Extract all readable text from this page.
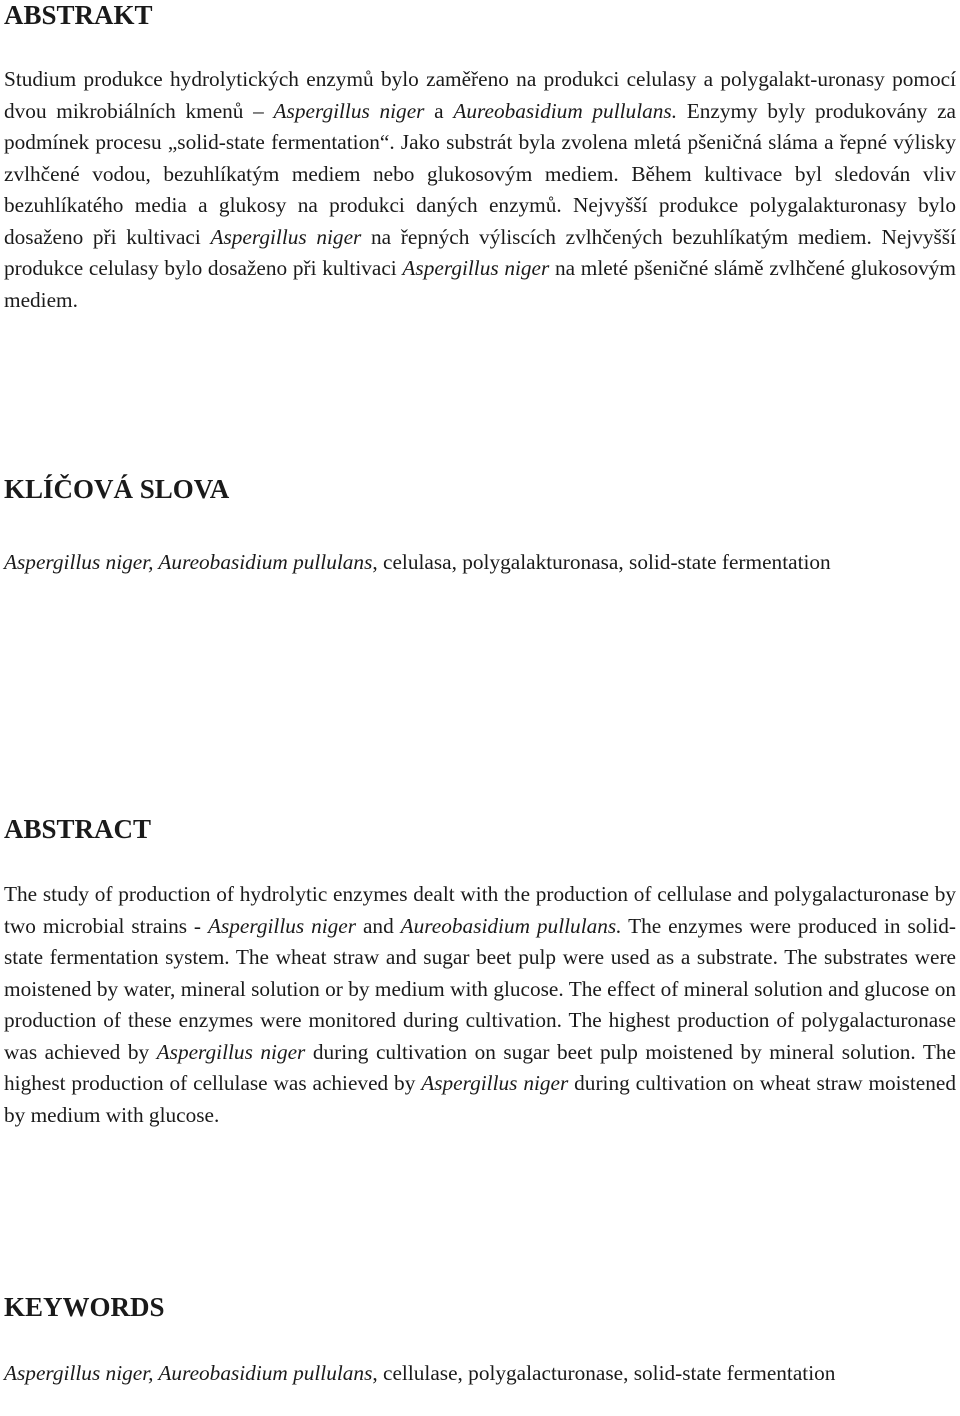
ABSTRAKT

Studium produkce hydrolytických enzymů bylo zaměřeno na produkci celulasy a polygalakt-uronasy pomocí dvou mikrobiálních kmenů – Aspergillus niger a Aureobasidium pullulans. Enzymy byly produkovány za podmínek procesu „solid-state fermentation“. Jako substrát byla zvolena mletá pšeničná sláma a řepné výlisky zvlhčené vodou, bezuhlíkatým mediem nebo glukosovým mediem. Během kultivace byl sledován vliv bezuhlíkatého media a glukosy na produkci daných enzymů. Nejvyšší produkce polygalakturonasy bylo dosaženo při kultivaci Aspergillus niger na řepných výliscích zvlhčených bezuhlíkatým mediem. Nejvyšší produkce celulasy bylo dosaženo při kultivaci Aspergillus niger na mleté pšeničné slámě zvlhčené glukosovým mediem.

KLÍČOVÁ SLOVA

Aspergillus niger, Aureobasidium pullulans, celulasa, polygalakturonasa, solid-state fermentation

ABSTRACT

The study of production of hydrolytic enzymes dealt with the production of cellulase and polygalacturonase by two microbial strains - Aspergillus niger and Aureobasidium pullulans. The enzymes were produced in solid-state fermentation system. The wheat straw and sugar beet pulp were used as a substrate. The substrates were moistened by water, mineral solution or by medium with glucose. The effect of mineral solution and glucose on production of these enzymes were monitored during cultivation. The highest production of polygalacturonase was achieved by Aspergillus niger during cultivation on sugar beet pulp moistened by mineral solution. The highest production of cellulase was achieved by Aspergillus niger during cultivation on wheat straw moistened by medium with glucose.

KEYWORDS

Aspergillus niger, Aureobasidium pullulans, cellulase, polygalacturonase, solid-state fermentation
